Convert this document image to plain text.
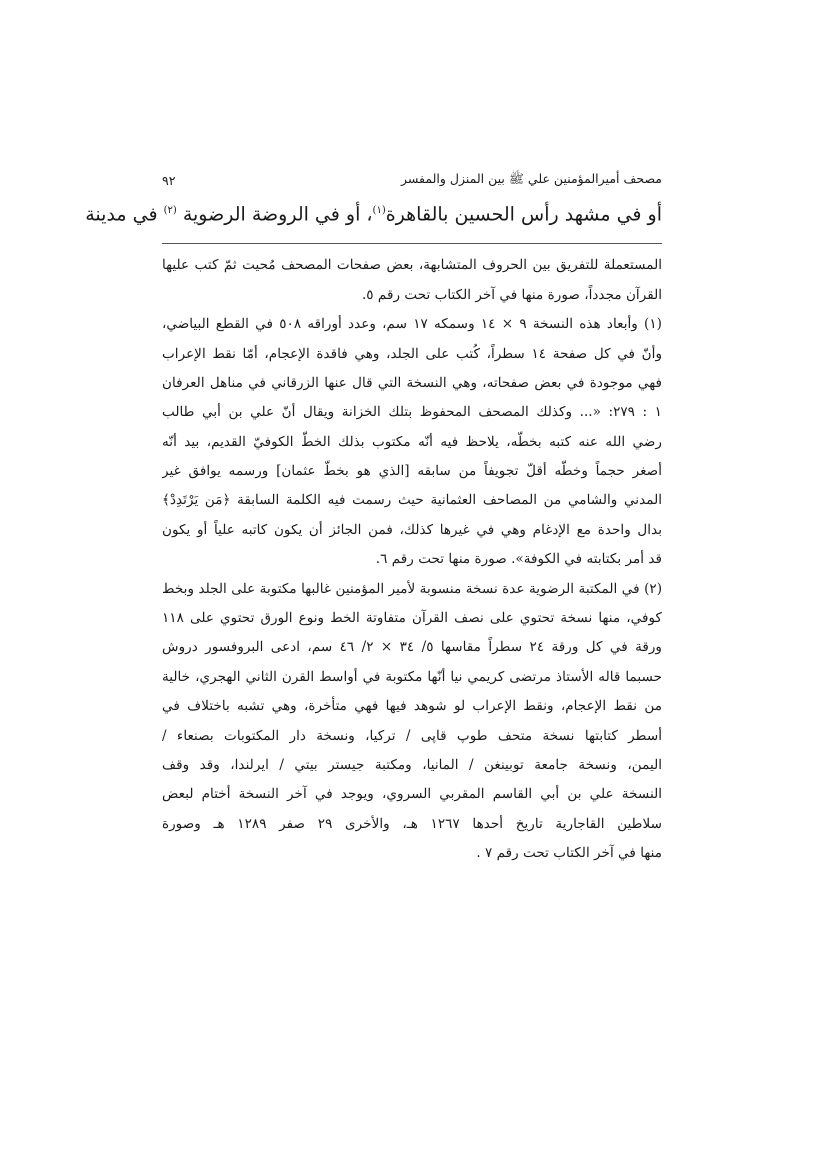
مصحف أميرالمؤمنين علي ﷺ بين المنزل والمفسر
٩٢
أو في مشهد رأس الحسين بالقاهرة$^{(١)}$، أو في الروضة الرضوية $^{(٢)}$ في مدينة
المستعملة للتفريق بين الحروف المتشابهة، بعض صفحات المصحف مُحيت ثمّ كتب عليها
القرآن مجدداً، صورة منها في آخر الكتاب تحت رقم ٥.
(١) وأبعاد هذه النسخة ٩ × ١٤ وسمكه ١٧ سم، وعدد أوراقه ٥٠٨ في القطع البياضي،
وأنّ في كل صفحة ١٤ سطراً، كُتب على الجلد، وهي فاقدة الإعجام، أمّا نقط الإعراب
فهي موجودة في بعض صفحاته، وهي النسخة التي قال عنها الزرقاني في مناهل العرفان
١ : ٢٧٩: «... وكذلك المصحف المحفوظ بتلك الخزانة ويقال أنّ علي بن أبي طالب
رضي الله عنه كتبه بخطّه، يلاحظ فيه أنّه مكتوب بذلك الخطّ الكوفيّ القديم، بيد أنّه
أصغر حجماً وخطّه أقلّ تجويفاً من سابقه [الذي هو بخطّ عثمان] ورسمه يوافق غير
المدني والشامي من المصاحف العثمانية حيث رسمت فيه الكلمة السابقة ﴿مَن يَرْتَدِدْ﴾
بدال واحدة مع الإدغام وهي في غيرها كذلك، فمن الجائز أن يكون كاتبه علياً أو يكون
قد أمر بكتابته في الكوفة». صورة منها تحت رقم ٦.
(٢) في المكتبة الرضوية عدة نسخة منسوبة لأمير المؤمنين غالبها مكتوبة على الجلد وبخط
كوفي، منها نسخة تحتوي على نصف القرآن متفاوتة الخط ونوع الورق تحتوي على ١١٨
ورقة في كل ورقة ٢٤ سطراً مقاسها ٥/ ٣٤ × ٢/ ٤٦ سم، ادعى البروفسور دروش
حسبما قاله الأستاذ مرتضى كريمي نيا أنّها مكتوبة في أواسط القرن الثاني الهجري، خالية
من نقط الإعجام، ونقط الإعراب لو شوهد فيها فهي متأخرة، وهي تشبه باختلاف في
أسطر كتابتها نسخة متحف طوپ قاپى / تركيا، ونسخة دار المكتوبات بصنعاء /
اليمن، ونسخة جامعة توبينغن / المانيا، ومكتبة جيستر بيتي / ايرلندا، وقد وقف
النسخة علي بن أبي القاسم المقربي السروي، ويوجد في آخر النسخة أختام لبعض
سلاطين القاجارية تاريخ أحدها ١٢٦٧ هـ، والأخرى ٢٩ صفر ١٢٨٩ هـ وصورة
منها في آخر الكتاب تحت رقم ٧ .
